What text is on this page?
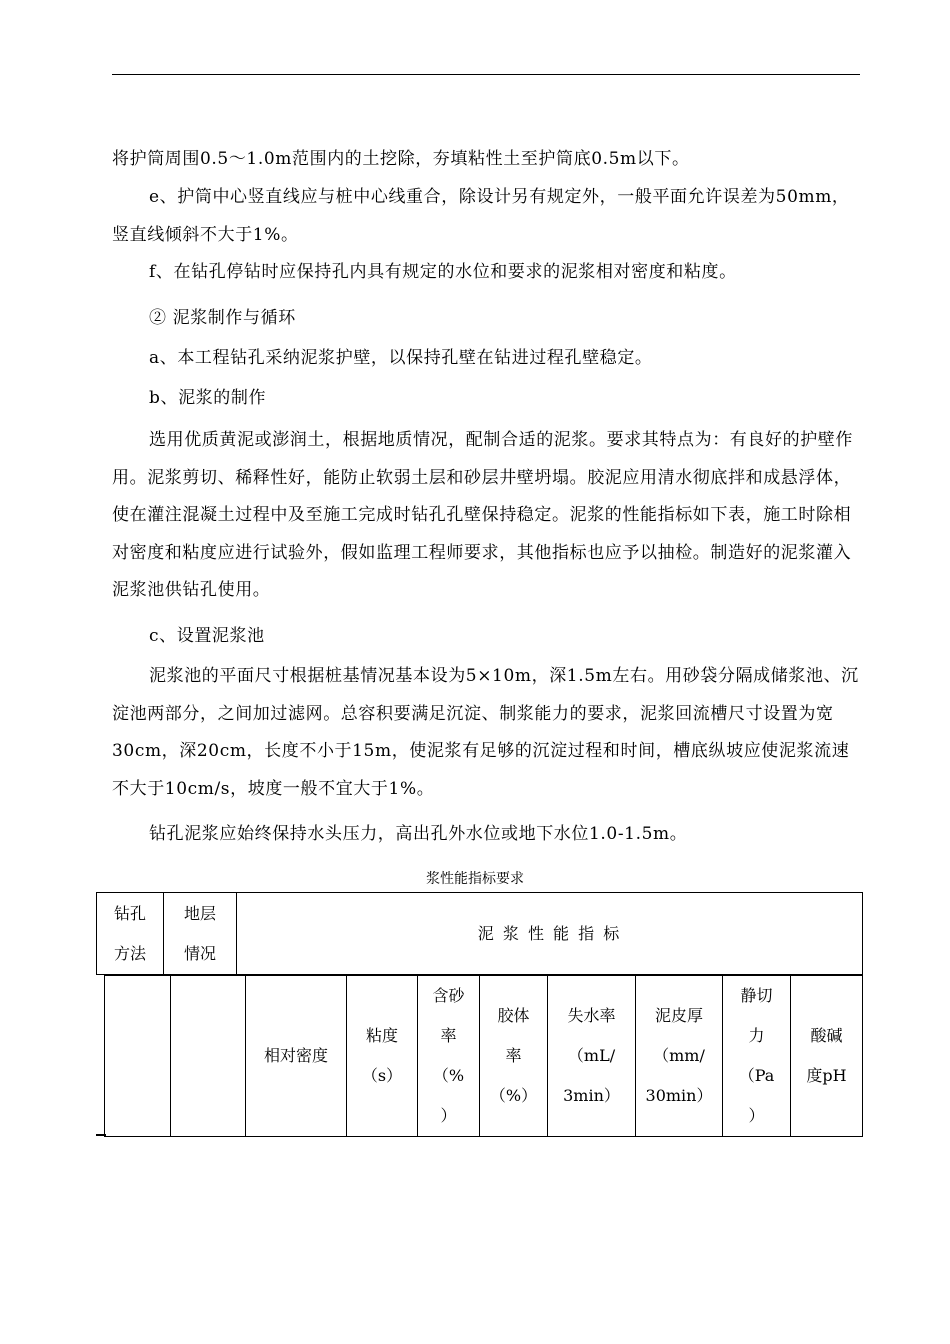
将护筒周围0.5～1.0m范围内的土挖除，夯填粘性土至护筒底0.5m以下。

e、护筒中心竖直线应与桩中心线重合，除设计另有规定外，一般平面允许误差为50mm，竖直线倾斜不大于1%。

f、在钻孔停钻时应保持孔内具有规定的水位和要求的泥浆相对密度和粘度。

② 泥浆制作与循环

a、本工程钻孔采纳泥浆护壁，以保持孔壁在钻进过程孔壁稳定。

b、泥浆的制作

选用优质黄泥或澎润土，根据地质情况，配制合适的泥浆。要求其特点为：有良好的护壁作用。泥浆剪切、稀释性好，能防止软弱土层和砂层井壁坍塌。胶泥应用清水彻底拌和成悬浮体，使在灌注混凝土过程中及至施工完成时钻孔孔壁保持稳定。泥浆的性能指标如下表，施工时除相对密度和粘度应进行试验外，假如监理工程师要求，其他指标也应予以抽检。制造好的泥浆灌入泥浆池供钻孔使用。

c、设置泥浆池

泥浆池的平面尺寸根据桩基情况基本设为5×10m，深1.5m左右。用砂袋分隔成储浆池、沉淀池两部分，之间加过滤网。总容积要满足沉淀、制浆能力的要求，泥浆回流槽尺寸设置为宽30cm，深20cm，长度不小于15m，使泥浆有足够的沉淀过程和时间，槽底纵坡应使泥浆流速不大于10cm/s，坡度一般不宜大于1%。

钻孔泥浆应始终保持水头压力，高出孔外水位或地下水位1.0-1.5m。

浆性能指标要求
钻孔
方法
地层
情况
泥 浆 性 能 指 标
相对密度
粘度
（s）
含砂
率
（%
）
胶体
率
（%）
失水率
（mL/
3min）
泥皮厚
（mm/
30min）
静切
力
（Pa
）
酸碱
度pH
